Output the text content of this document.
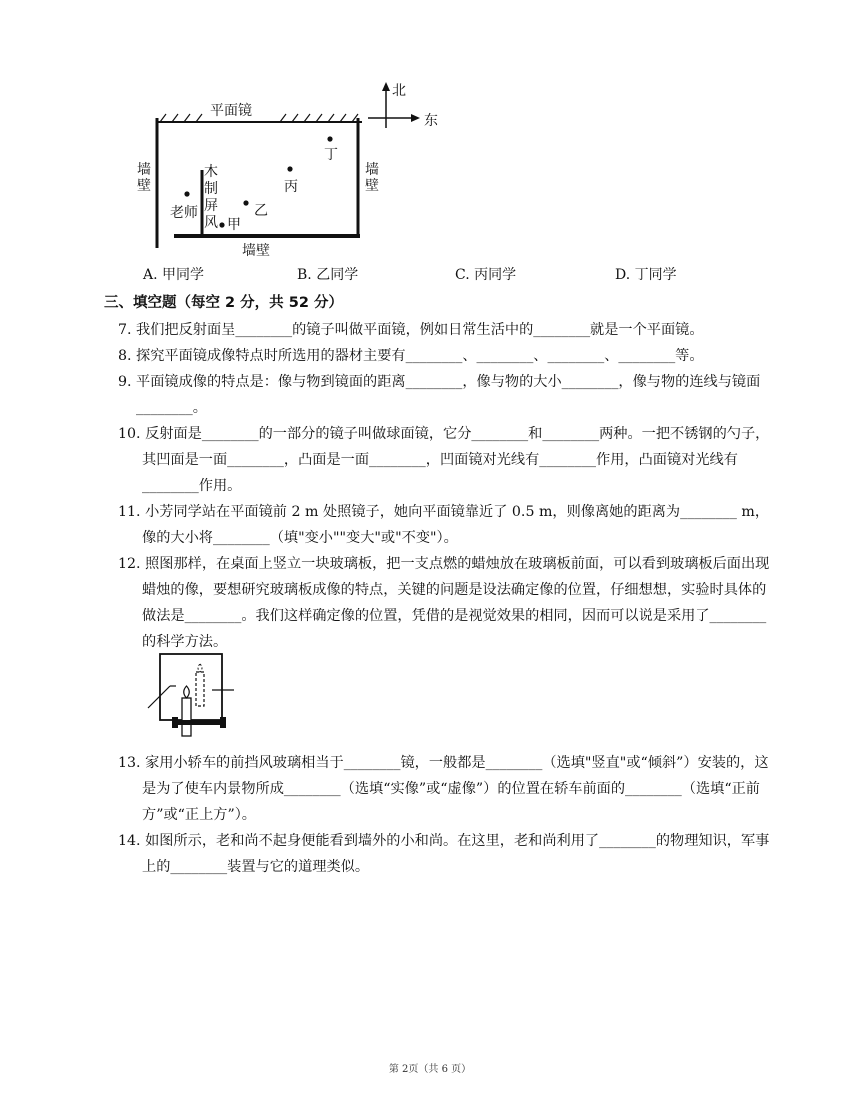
平面镜
北
东
墙壁
墙壁
墙壁
木制屏风
老师
甲
乙
丙
丁
A. 甲同学	B. 乙同学	C. 丙同学	D. 丁同学
三、填空题（每空 2 分，共 52 分）
7. 我们把反射面呈________的镜子叫做平面镜，例如日常生活中的________就是一个平面镜。
8. 探究平面镜成像特点时所选用的器材主要有________、________、________、________等。
9. 平面镜成像的特点是：像与物到镜面的距离________，像与物的大小________，像与物的连线与镜面________。
10. 反射面是________的一部分的镜子叫做球面镜，它分________和________两种。一把不锈钢的勺子，其凹面是一面________，凸面是一面________，凹面镜对光线有________作用，凸面镜对光线有________作用。
11. 小芳同学站在平面镜前 2 m 处照镜子，她向平面镜靠近了 0.5 m，则像离她的距离为________ m，像的大小将________（填"变小""变大"或"不变"）。
12. 照图那样，在桌面上竖立一块玻璃板，把一支点燃的蜡烛放在玻璃板前面，可以看到玻璃板后面出现蜡烛的像，要想研究玻璃板成像的特点，关键的问题是设法确定像的位置，仔细想想，实验时具体的做法是________。我们这样确定像的位置，凭借的是视觉效果的相同，因而可以说是采用了________的科学方法。
13. 家用小轿车的前挡风玻璃相当于________镜，一般都是________（选填"竖直"或“倾斜”）安装的，这是为了使车内景物所成________（选填“实像”或“虚像”）的位置在轿车前面的________（选填“正前方”或“正上方”）。
14. 如图所示，老和尚不起身便能看到墙外的小和尚。在这里，老和尚利用了________的物理知识，军事上的________装置与它的道理类似。
第 2页（共 6 页）
